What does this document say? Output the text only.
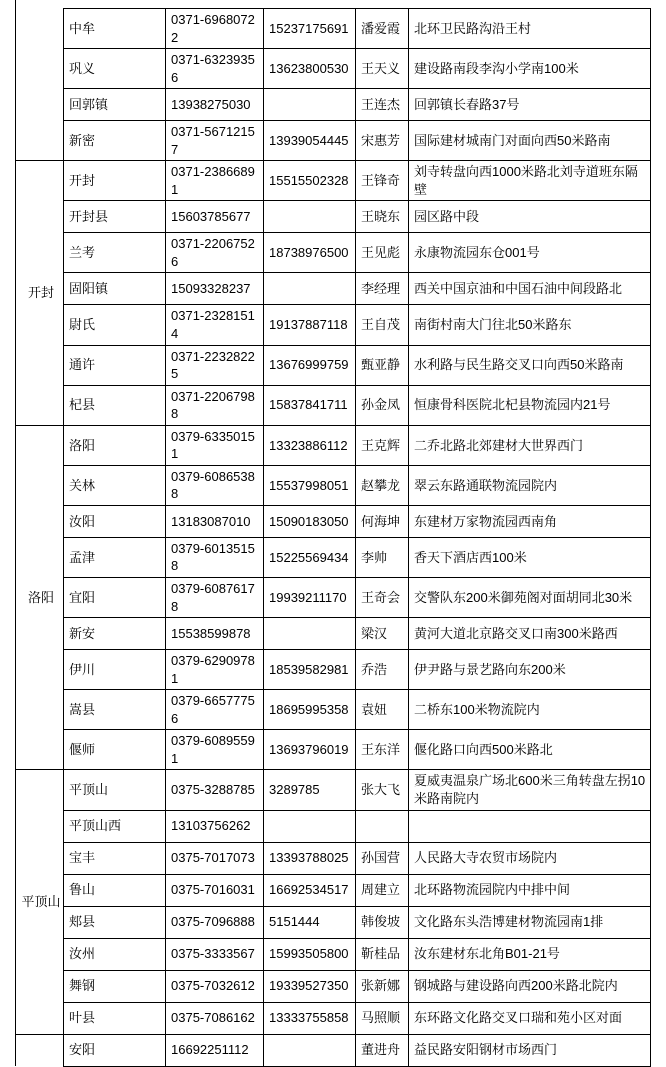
	中牟	0371-69680722	15237175691	潘爱霞	北环卫民路沟沿王村
	巩义	0371-63239356	13623800530	王天义	建设路南段李沟小学南100米
	回郭镇	13938275030		王连杰	回郭镇长春路37号
	新密	0371-56712157	13939054445	宋惠芳	国际建材城南门对面向西50米路南
开封	开封	0371-23866891	15515502328	王锋奇	刘寺转盘向西1000米路北刘寺道班东隔壁
	开封县	15603785677		王晓东	园区路中段
	兰考	0371-22067526	18738976500	王见彪	永康物流园东仓001号
	固阳镇	15093328237		李经理	西关中国京油和中国石油中间段路北
	尉氏	0371-23281514	19137887118	王自茂	南街村南大门往北50米路东
	通许	0371-22328225	13676999759	甄亚静	水利路与民生路交叉口向西50米路南
	杞县	0371-22067988	15837841711	孙金凤	恒康骨科医院北杞县物流园内21号
洛阳	洛阳	0379-63350151	13323886112	王克辉	二乔北路北郊建材大世界西门
	关林	0379-60865388	15537998051	赵攀龙	翠云东路通联物流园院内
	汝阳	13183087010	15090183050	何海坤	东建材万家物流园西南角
	孟津	0379-60135158	15225569434	李帅	香天下酒店西100米
	宜阳	0379-60876178	19939211170	王奇会	交警队东200米御苑阁对面胡同北30米
	新安	15538599878		梁汉	黄河大道北京路交叉口南300米路西
	伊川	0379-62909781	18539582981	乔浩	伊尹路与景艺路向东200米
	嵩县	0379-66577756	18695995358	袁妞	二桥东100米物流院内
	偃师	0379-60895591	13693796019	王东洋	偃化路口向西500米路北
平顶山	平顶山	0375-3288785	3289785	张大飞	夏威夷温泉广场北600米三角转盘左拐10米路南院内
	平顶山西	13103756262			
	宝丰	0375-7017073	13393788025	孙国营	人民路大寺农贸市场院内
	鲁山	0375-7016031	16692534517	周建立	北环路物流园院内中排中间
	郏县	0375-7096888	5151444	韩俊坡	文化路东头浩博建材物流园南1排
	汝州	0375-3333567	15993505800	靳桂品	汝东建材东北角B01-21号
	舞钢	0375-7032612	19339527350	张新娜	钢城路与建设路向西200米路北院内
	叶县	0375-7086162	13333755858	马照顺	东环路文化路交叉口瑞和苑小区对面
	安阳	16692251112		董进舟	益民路安阳钢材市场西门
